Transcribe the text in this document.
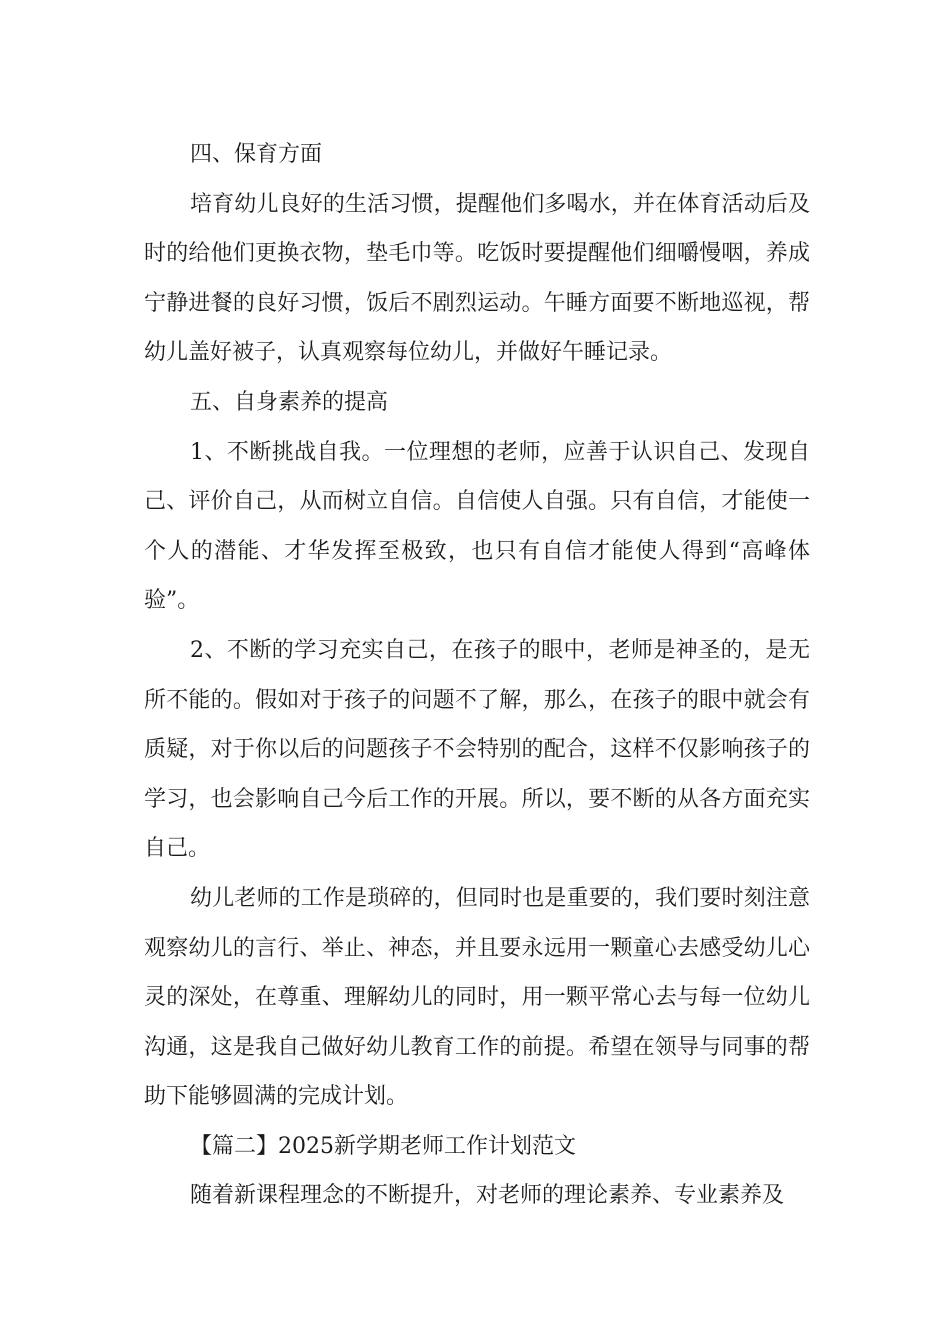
四、保育方面

培育幼儿良好的生活习惯，提醒他们多喝水，并在体育活动后及时的给他们更换衣物，垫毛巾等。吃饭时要提醒他们细嚼慢咽，养成宁静进餐的良好习惯，饭后不剧烈运动。午睡方面要不断地巡视，帮幼儿盖好被子，认真观察每位幼儿，并做好午睡记录。

五、自身素养的提高

1、不断挑战自我。一位理想的老师，应善于认识自己、发现自己、评价自己，从而树立自信。自信使人自强。只有自信，才能使一个人的潜能、才华发挥至极致，也只有自信才能使人得到“高峰体验”。

2、不断的学习充实自己，在孩子的眼中，老师是神圣的，是无所不能的。假如对于孩子的问题不了解，那么，在孩子的眼中就会有质疑，对于你以后的问题孩子不会特别的配合，这样不仅影响孩子的学习，也会影响自己今后工作的开展。所以，要不断的从各方面充实自己。

幼儿老师的工作是琐碎的，但同时也是重要的，我们要时刻注意观察幼儿的言行、举止、神态，并且要永远用一颗童心去感受幼儿心灵的深处，在尊重、理解幼儿的同时，用一颗平常心去与每一位幼儿沟通，这是我自己做好幼儿教育工作的前提。希望在领导与同事的帮助下能够圆满的完成计划。

【篇二】2025新学期老师工作计划范文

随着新课程理念的不断提升，对老师的理论素养、专业素养及
